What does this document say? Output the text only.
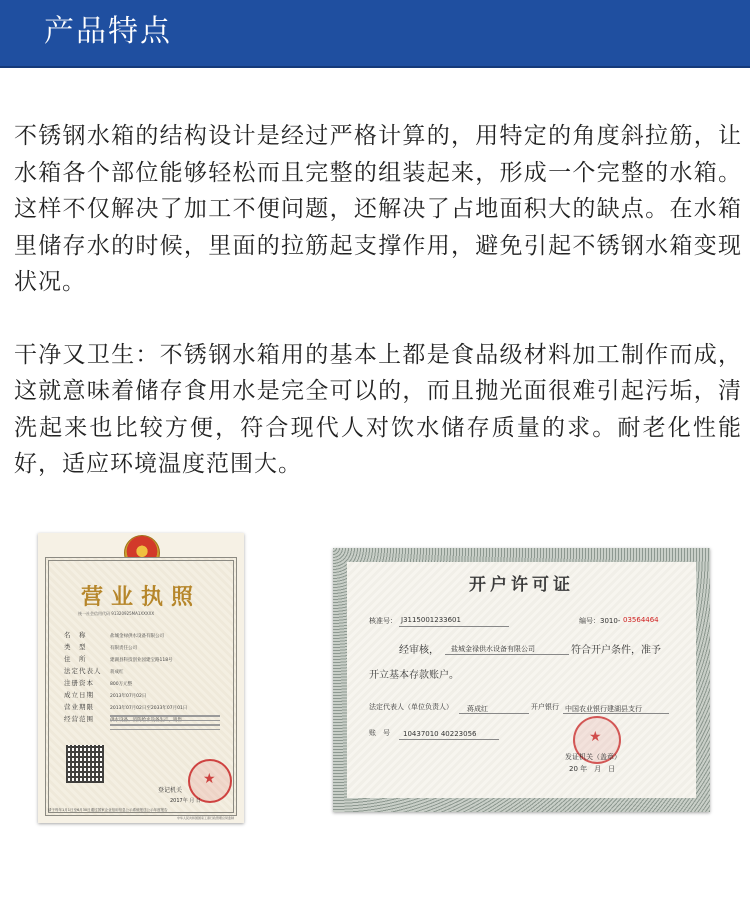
产品特点

不锈钢水箱的结构设计是经过严格计算的，用特定的角度斜拉筋，让水箱各个部位能够轻松而且完整的组装起来，形成一个完整的水箱。这样不仅解决了加工不便问题，还解决了占地面积大的缺点。在水箱里储存水的时候，里面的拉筋起支撑作用，避免引起不锈钢水箱变现状况。

干净又卫生：不锈钢水箱用的基本上都是食品级材料加工制作而成，这就意味着储存食用水是完全可以的，而且抛光面很难引起污垢，清洗起来也比较方便，符合现代人对饮水储存质量的求。耐老化性能好，适应环境温度范围大。

营业执照
统一社会信用代码 91320925MA1XXXXX
名　称	盐城金禄供水设备有限公司
类　型	有限责任公司
住　所	建湖县科技创业园建宝路118号
法定代表人 蒋成红
注册资本	800万元整
成立日期	2013年07月02日
营业期限	2013年07月02日至2033年07月01日
经营范围
★
登记机关
2017年 月 日
请于每年1月1日至6月30日通过国家企业信用信息公示系统报送公示年度报告
中华人民共和国国家工商行政管理总局监制
开户许可证
核准号： J3115001233601	编号：3010- 03564464
经审核， 盐城金禄供水设备有限公司	符合开户条件，准予
开立基本存款账户。
法定代表人（单位负责人） 蒋成红	开户银行 中国农业银行建湖县支行
账　号 10437010 40223056
★
发证机关（盖章）
20 年　月　日
